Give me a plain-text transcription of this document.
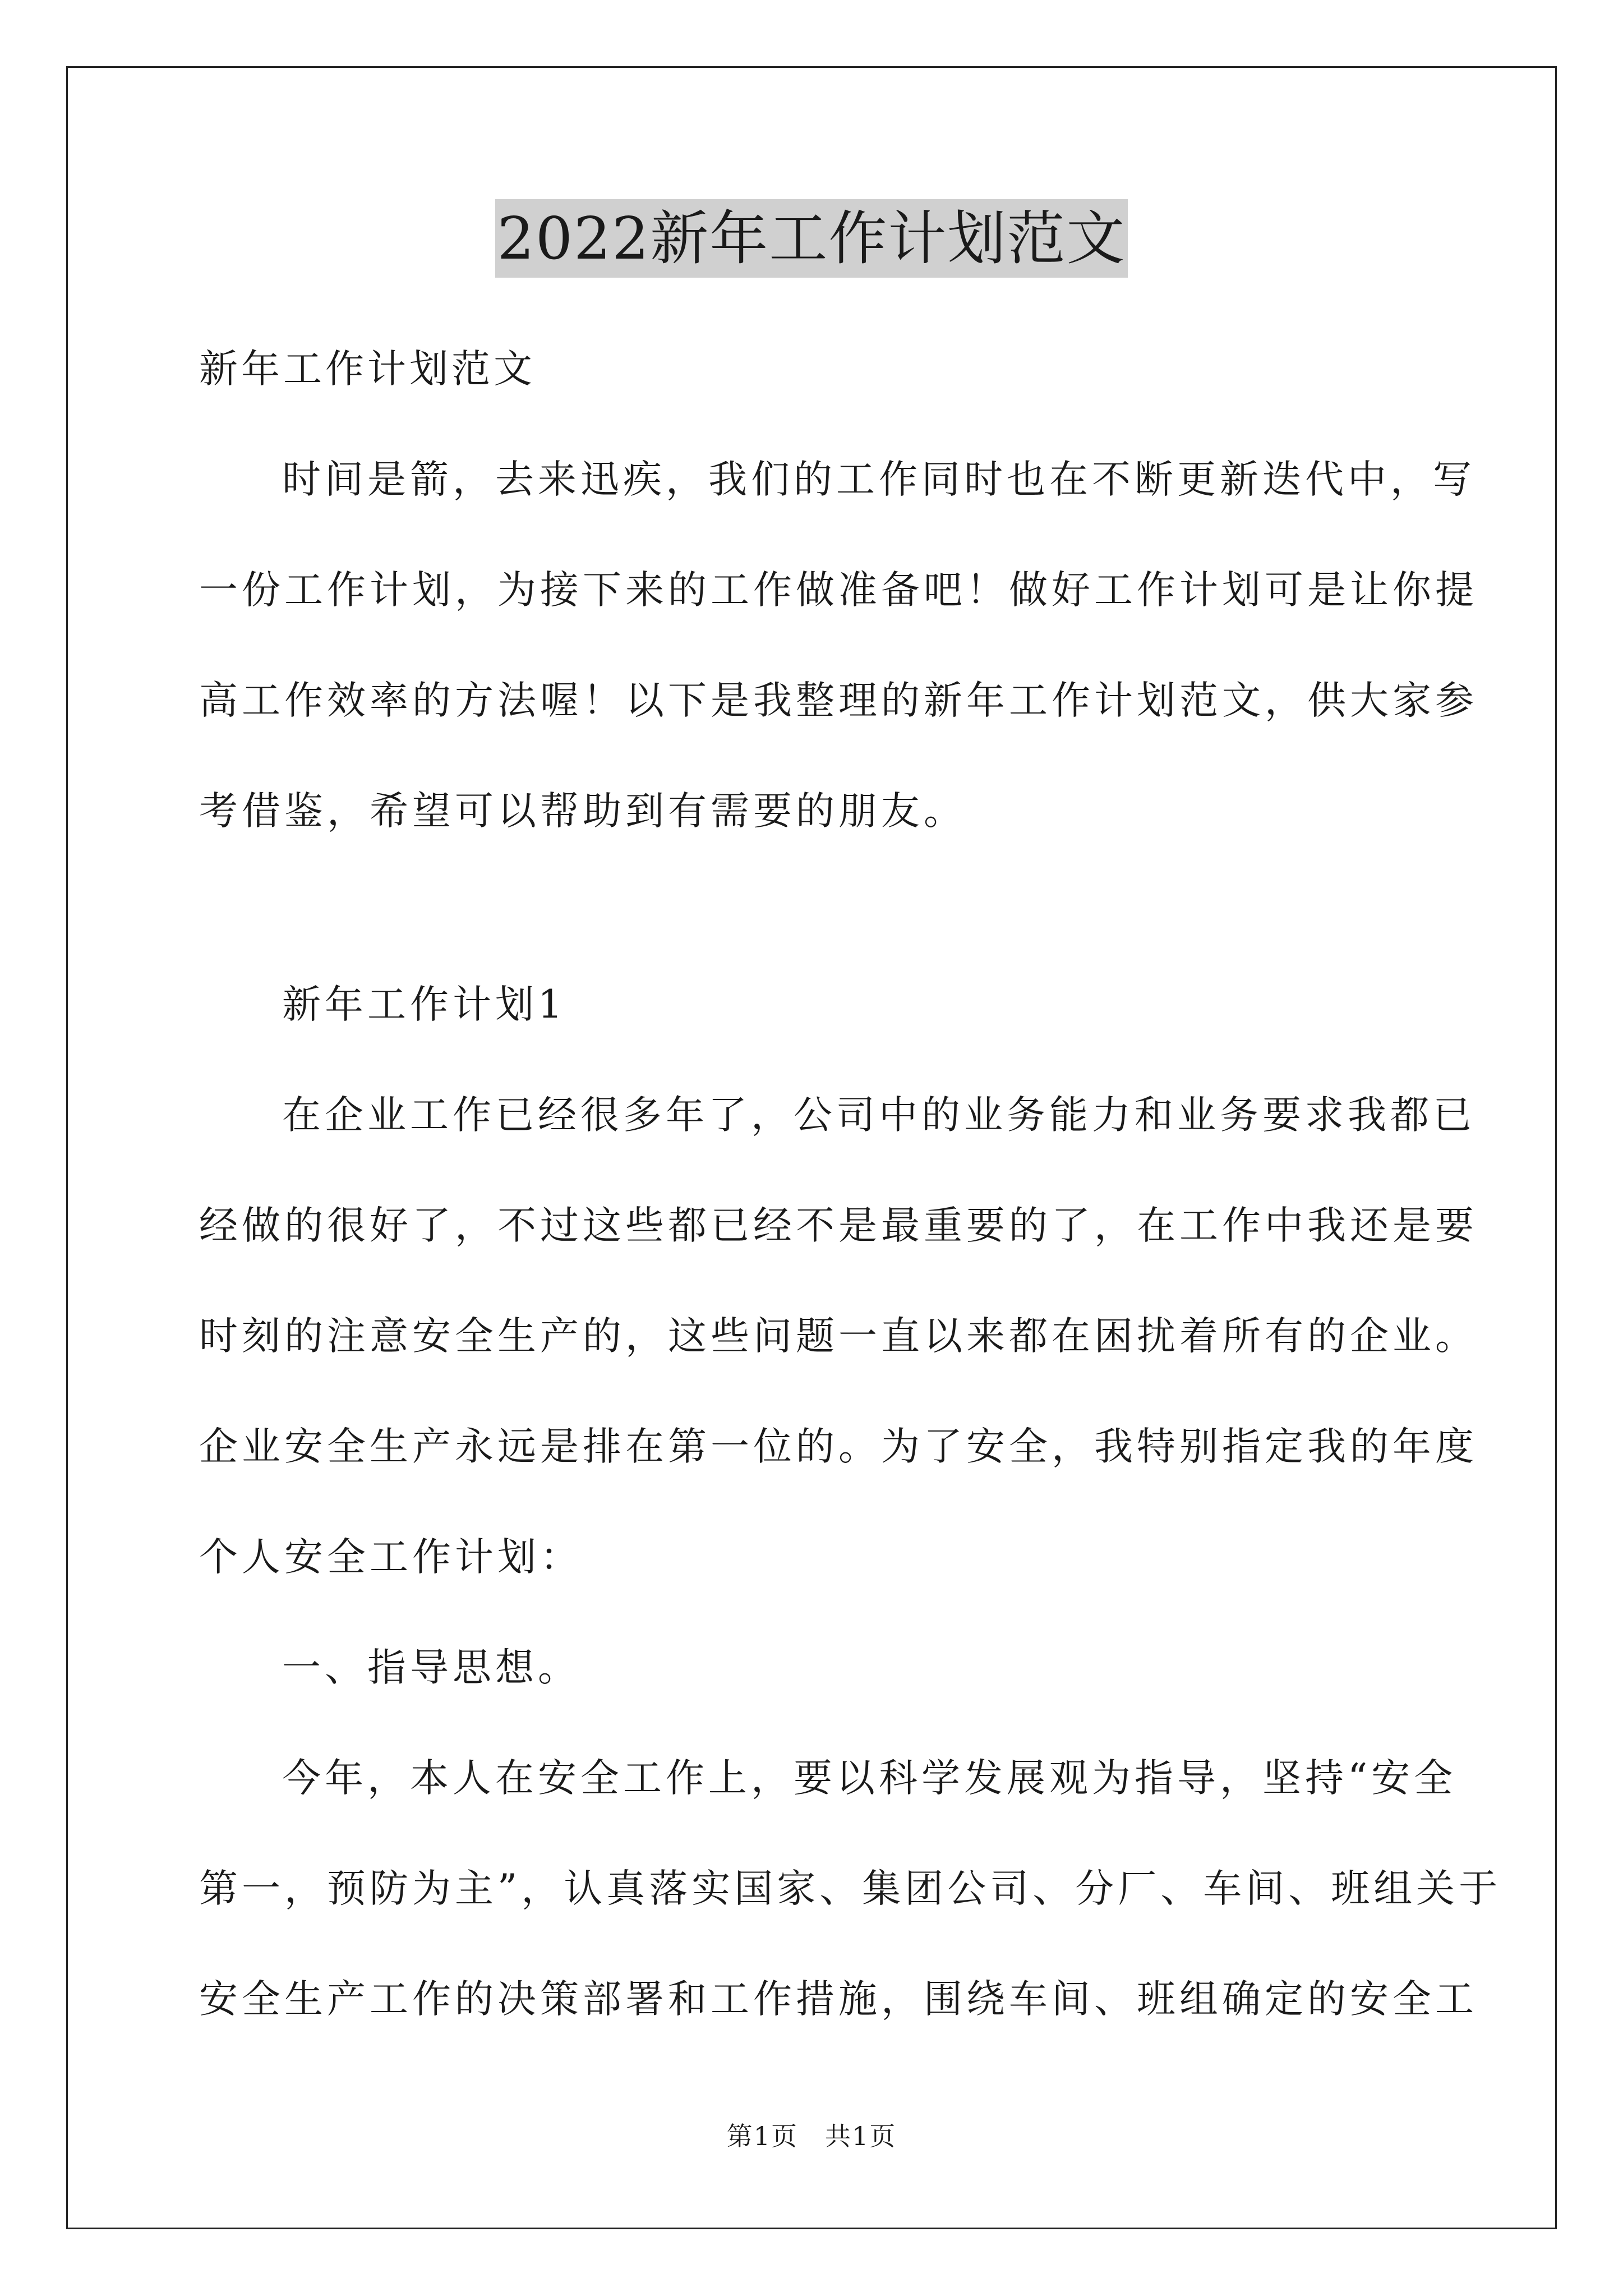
2022新年工作计划范文
新年工作计划范文
时间是箭，去来迅疾，我们的工作同时也在不断更新迭代中，写
一份工作计划，为接下来的工作做准备吧！做好工作计划可是让你提
高工作效率的方法喔！以下是我整理的新年工作计划范文，供大家参
考借鉴，希望可以帮助到有需要的朋友。
新年工作计划1
在企业工作已经很多年了，公司中的业务能力和业务要求我都已
经做的很好了，不过这些都已经不是最重要的了，在工作中我还是要
时刻的注意安全生产的，这些问题一直以来都在困扰着所有的企业。
企业安全生产永远是排在第一位的。为了安全，我特别指定我的年度
个人安全工作计划：
一、指导思想。
今年，本人在安全工作上，要以科学发展观为指导，坚持“安全
第一，预防为主”，认真落实国家、集团公司、分厂、车间、班组关于
安全生产工作的决策部署和工作措施，围绕车间、班组确定的安全工
第1页　共1页
